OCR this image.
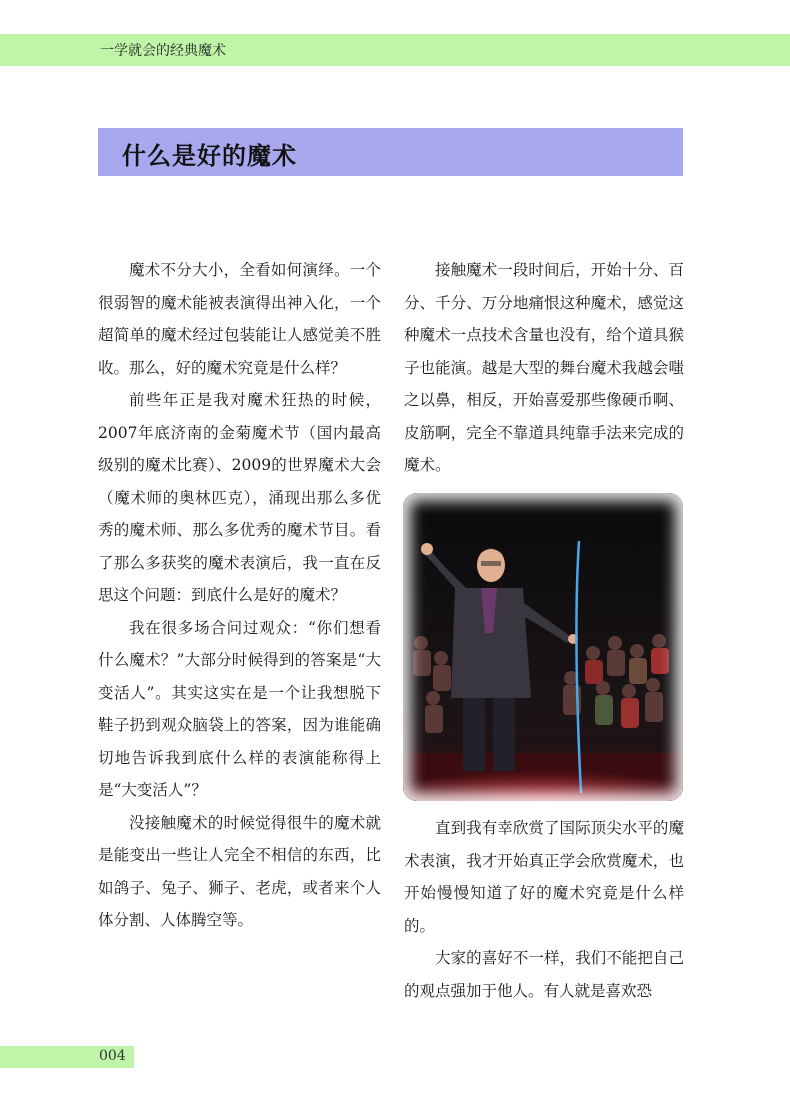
一学就会的经典魔术
什么是好的魔术

魔术不分大小，全看如何演绎。一个很弱智的魔术能被表演得出神入化，一个超简单的魔术经过包装能让人感觉美不胜收。那么，好的魔术究竟是什么样？

前些年正是我对魔术狂热的时候，2007年底济南的金菊魔术节（国内最高级别的魔术比赛）、2009的世界魔术大会（魔术师的奥林匹克），涌现出那么多优秀的魔术师、那么多优秀的魔术节目。看了那么多获奖的魔术表演后，我一直在反思这个问题：到底什么是好的魔术？

我在很多场合问过观众：“你们想看什么魔术？”大部分时候得到的答案是“大变活人”。其实这实在是一个让我想脱下鞋子扔到观众脑袋上的答案，因为谁能确切地告诉我到底什么样的表演能称得上是“大变活人”？

没接触魔术的时候觉得很牛的魔术就是能变出一些让人完全不相信的东西，比如鸽子、兔子、狮子、老虎，或者来个人体分割、人体腾空等。

接触魔术一段时间后，开始十分、百分、千分、万分地痛恨这种魔术，感觉这种魔术一点技术含量也没有，给个道具猴子也能演。越是大型的舞台魔术我越会嗤之以鼻，相反，开始喜爱那些像硬币啊、皮筋啊，完全不靠道具纯靠手法来完成的魔术。

直到我有幸欣赏了国际顶尖水平的魔术表演，我才开始真正学会欣赏魔术，也开始慢慢知道了好的魔术究竟是什么样的。

大家的喜好不一样，我们不能把自己的观点强加于他人。有人就是喜欢恐

004
